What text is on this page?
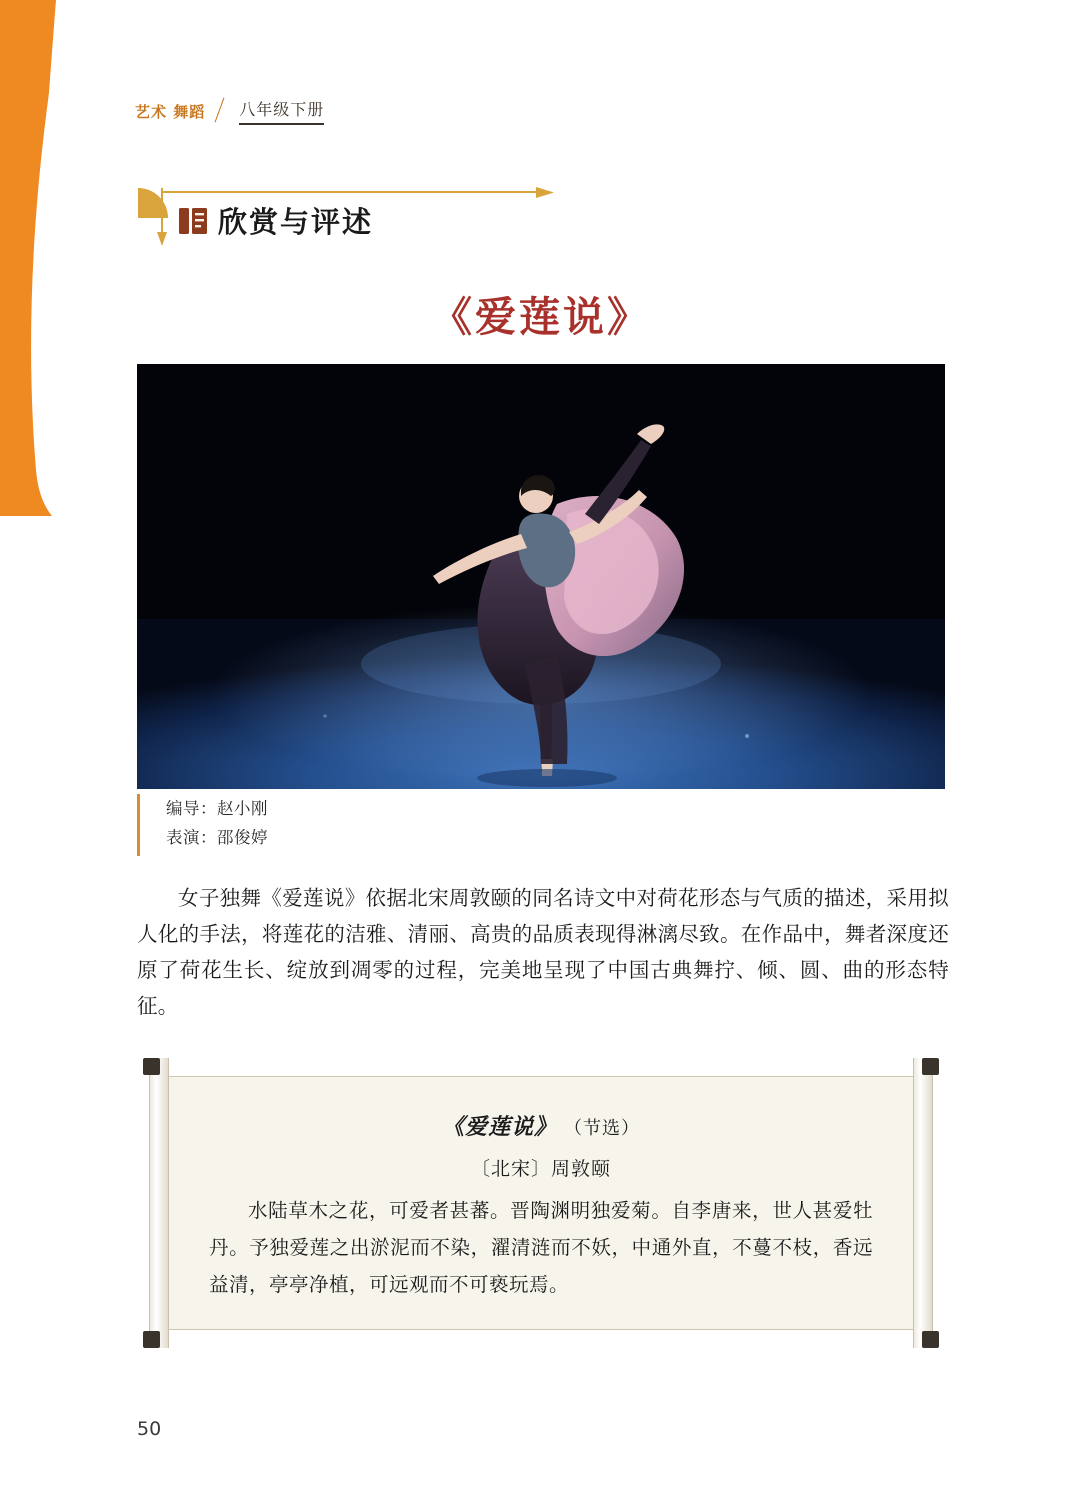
艺术 舞蹈 八年级下册
欣赏与评述
《爱莲说》
编导：赵小刚
表演：邵俊婷
女子独舞《爱莲说》依据北宋周敦颐的同名诗文中对荷花形态与气质的描述，采用拟人化的手法，将莲花的洁雅、清丽、高贵的品质表现得淋漓尽致。在作品中，舞者深度还原了荷花生长、绽放到凋零的过程，完美地呈现了中国古典舞拧、倾、圆、曲的形态特征。
《爱莲说》 （节选）
〔北宋〕周敦颐
水陆草木之花，可爱者甚蕃。晋陶渊明独爱菊。自李唐来，世人甚爱牡丹。予独爱莲之出淤泥而不染，濯清涟而不妖，中通外直，不蔓不枝，香远益清，亭亭净植，可远观而不可亵玩焉。
50
